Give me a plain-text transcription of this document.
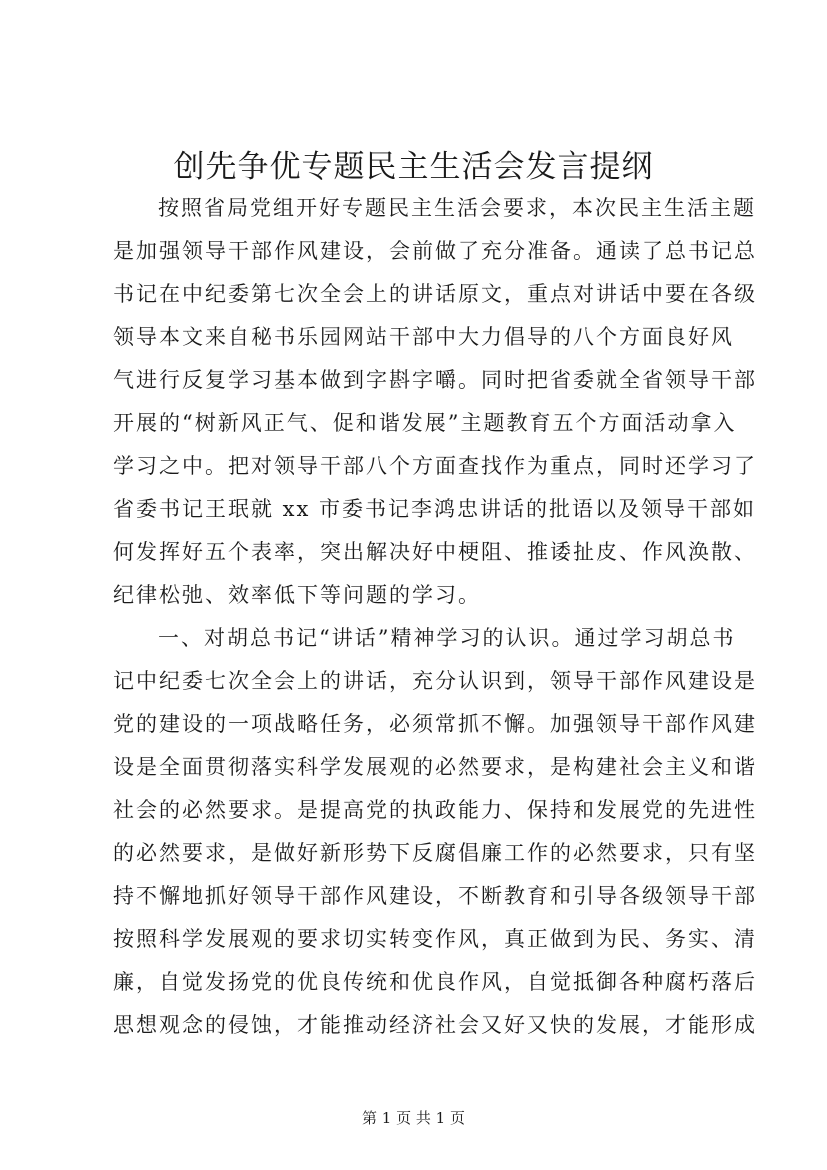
创先争优专题民主生活会发言提纲
按照省局党组开好专题民主生活会要求，本次民主生活主题
是加强领导干部作风建设，会前做了充分准备。通读了总书记总
书记在中纪委第七次全会上的讲话原文，重点对讲话中要在各级
领导本文来自秘书乐园网站干部中大力倡导的八个方面良好风
气进行反复学习基本做到字斟字嚼。同时把省委就全省领导干部
开展的“树新风正气、促和谐发展”主题教育五个方面活动拿入
学习之中。把对领导干部八个方面查找作为重点，同时还学习了
省委书记王珉就 xx 市委书记李鸿忠讲话的批语以及领导干部如
何发挥好五个表率，突出解决好中梗阻、推诿扯皮、作风涣散、
纪律松弛、效率低下等问题的学习。
一、对胡总书记“讲话”精神学习的认识。通过学习胡总书
记中纪委七次全会上的讲话，充分认识到，领导干部作风建设是
党的建设的一项战略任务，必须常抓不懈。加强领导干部作风建
设是全面贯彻落实科学发展观的必然要求，是构建社会主义和谐
社会的必然要求。是提高党的执政能力、保持和发展党的先进性
的必然要求，是做好新形势下反腐倡廉工作的必然要求，只有坚
持不懈地抓好领导干部作风建设，不断教育和引导各级领导干部
按照科学发展观的要求切实转变作风，真正做到为民、务实、清
廉，自觉发扬党的优良传统和优良作风，自觉抵御各种腐朽落后
思想观念的侵蚀，才能推动经济社会又好又快的发展，才能形成
第 1 页 共 1 页
